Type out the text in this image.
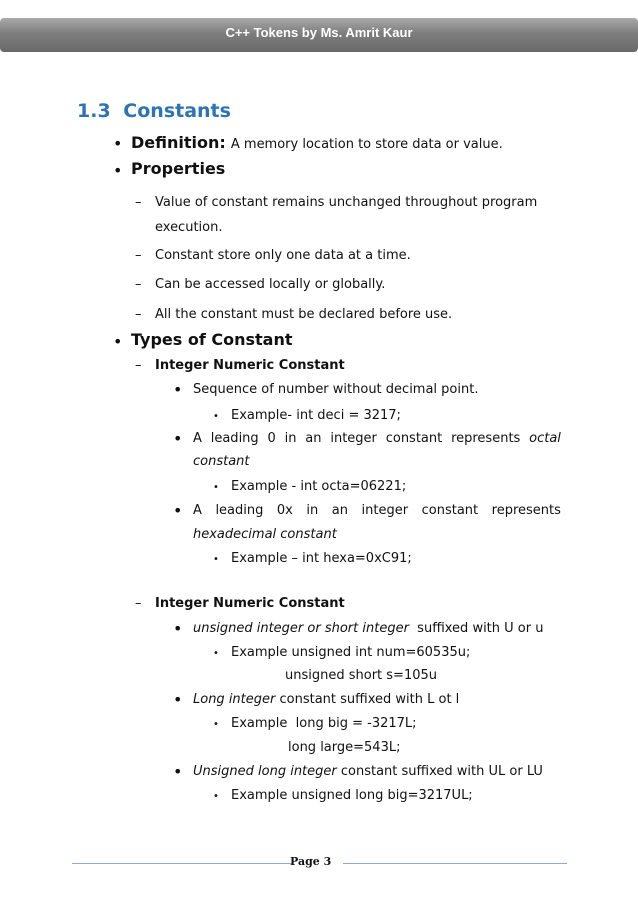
C++ Tokens by Ms. Amrit Kaur
1.3 Constants
• Definition: A memory location to store data or value.
• Properties
– Value of constant remains unchanged throughout program
execution.
– Constant store only one data at a time.
– Can be accessed locally or globally.
– All the constant must be declared before use.
• Types of Constant
– Integer Numeric Constant
• Sequence of number without decimal point.
• Example- int deci = 3217;
• A leading 0 in an integer constant represents octal
constant
• Example - int octa=06221;
• A leading 0x in an integer constant represents
hexadecimal constant
• Example – int hexa=0xC91;
– Integer Numeric Constant
• unsigned integer or short integer  suffixed with U or u
• Example unsigned int num=60535u;
unsigned short s=105u
• Long integer constant suffixed with L ot l
• Example  long big = -3217L;
long large=543L;
• Unsigned long integer constant suffixed with UL or LU
• Example unsigned long big=3217UL;
Page 3
